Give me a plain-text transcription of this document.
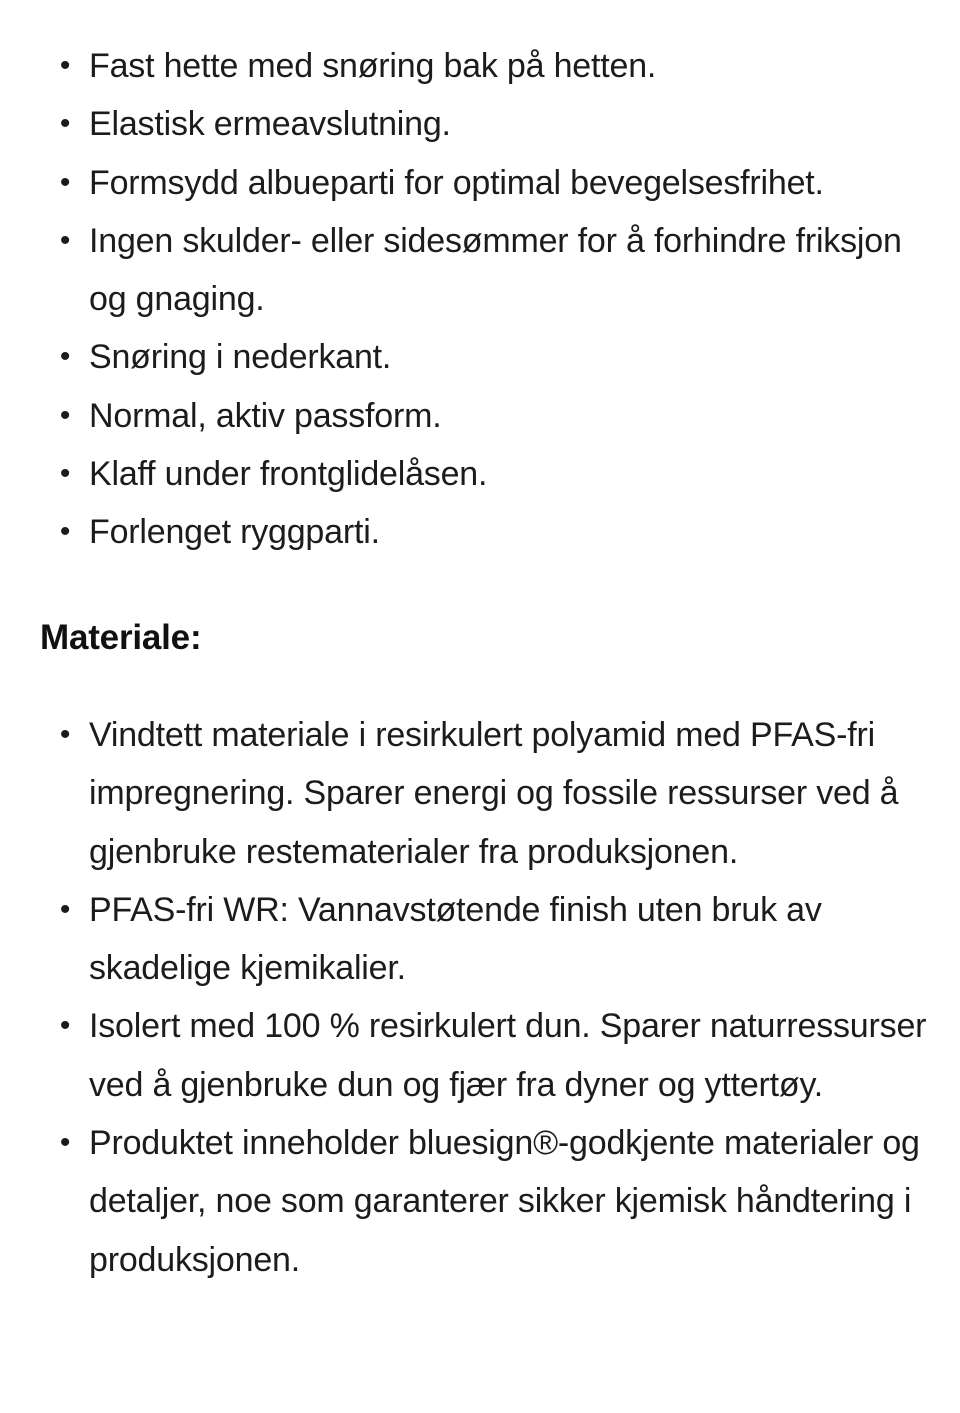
• Fast hette med snøring bak på hetten.
• Elastisk ermeavslutning.
• Formsydd albueparti for optimal bevegelsesfrihet.
• Ingen skulder- eller sidesømmer for å forhindre friksjon og gnaging.
• Snøring i nederkant.
• Normal, aktiv passform.
• Klaff under frontglidelåsen.
• Forlenget ryggparti.
Materiale:
• Vindtett materiale i resirkulert polyamid med PFAS-fri impregnering. Sparer energi og fossile ressurser ved å gjenbruke restematerialer fra produksjonen.
• PFAS-fri WR: Vannavstøtende finish uten bruk av skadelige kjemikalier.
• Isolert med 100 % resirkulert dun. Sparer naturressurser ved å gjenbruke dun og fjær fra dyner og yttertøy.
• Produktet inneholder bluesign®-godkjente materialer og detaljer, noe som garanterer sikker kjemisk håndtering i produksjonen.
